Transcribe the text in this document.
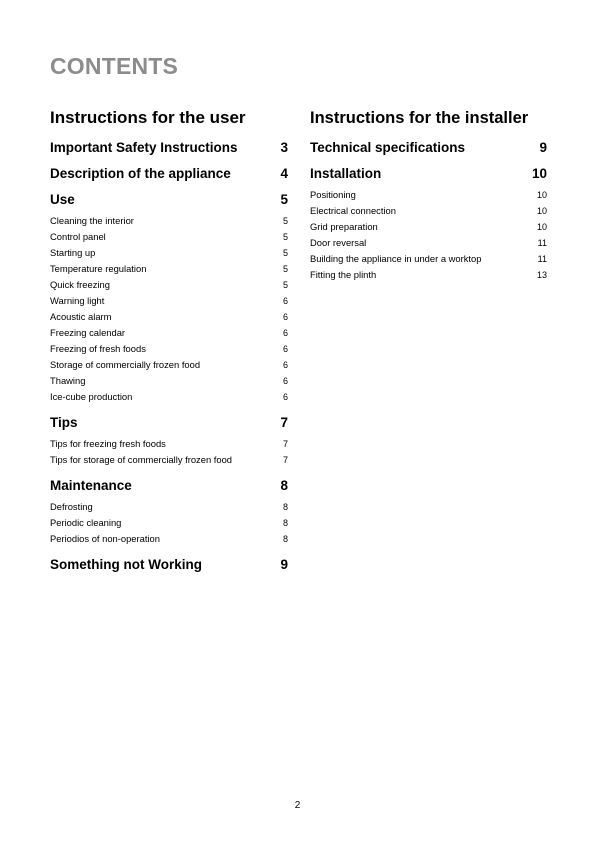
CONTENTS
Instructions for the user
Important Safety Instructions	3
Description of the appliance	4
Use	5
Cleaning the interior	5
Control panel	5
Starting up	5
Temperature regulation	5
Quick freezing	5
Warning light	6
Acoustic alarm	6
Freezing calendar	6
Freezing of fresh foods	6
Storage of commercially frozen food	6
Thawing	6
Ice-cube production	6
Tips	7
Tips for freezing fresh foods	7
Tips for storage of commercially frozen food	7
Maintenance	8
Defrosting	8
Periodic cleaning	8
Periodios of non-operation	8
Something not Working	9
Instructions for the installer
Technical specifications	9
Installation	10
Positioning	10
Electrical connection	10
Grid preparation	10
Door reversal	11
Building the appliance in under a worktop	11
Fitting the plinth	13
2
